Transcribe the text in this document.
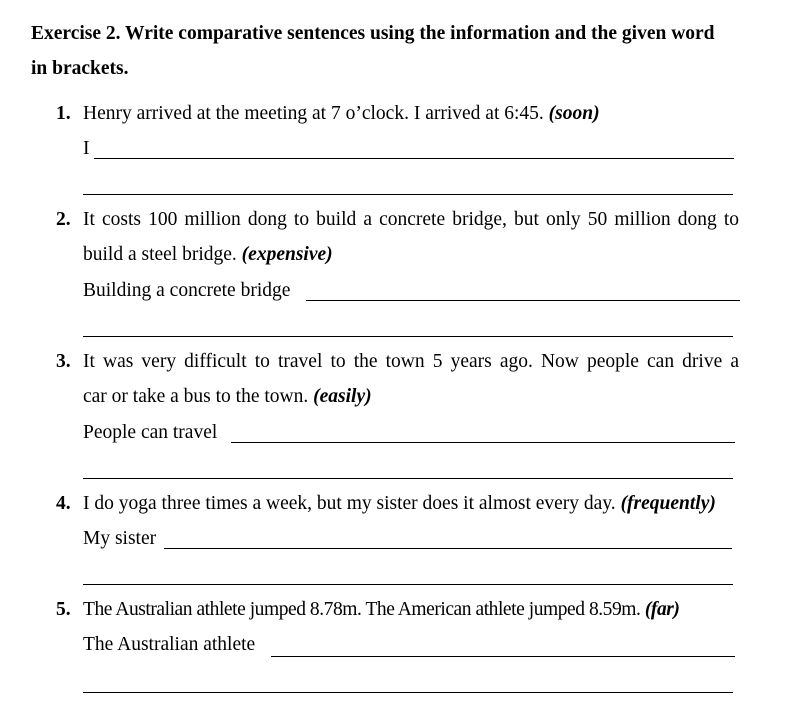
Exercise 2. Write comparative sentences using the information and the given word
in brackets.
1. Henry arrived at the meeting at 7 o’clock. I arrived at 6:45. (soon)
I
2. It costs 100 million dong to build a concrete bridge, but only 50 million dong to
build a steel bridge. (expensive)
Building a concrete bridge
3. It was very difficult to travel to the town 5 years ago. Now people can drive a
car or take a bus to the town. (easily)
People can travel
4. I do yoga three times a week, but my sister does it almost every day. (frequently)
My sister
5. The Australian athlete jumped 8.78m. The American athlete jumped 8.59m. (far)
The Australian athlete
